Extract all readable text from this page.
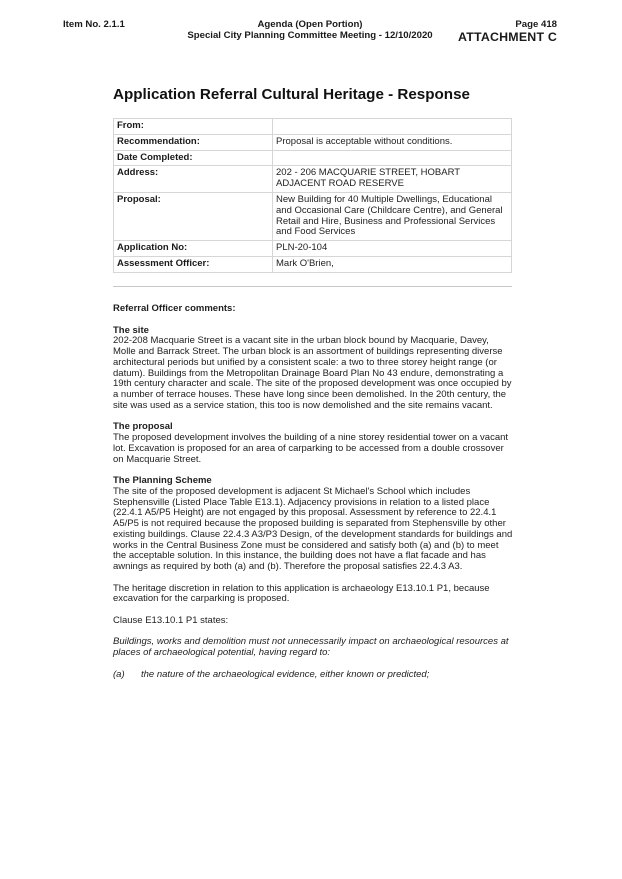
Item No. 2.1.1	Agenda (Open Portion)
Special City Planning Committee Meeting - 12/10/2020
Page 418
ATTACHMENT C
Application Referral Cultural Heritage - Response
From:	
Recommendation:	Proposal is acceptable without conditions.
Date Completed:	
Address:	202 - 206 MACQUARIE STREET, HOBART
ADJACENT ROAD RESERVE

Proposal:	New Building for 40 Multiple Dwellings, Educational and Occasional Care (Childcare Centre), and General Retail and Hire, Business and Professional Services and Food Services
Application No:	PLN-20-104
Assessment Officer:	Mark O'Brien,

Referral Officer comments:

The site

202-208 Macquarie Street is a vacant site in the urban block bound by Macquarie, Davey, Molle and Barrack Street. The urban block is an assortment of buildings representing diverse architectural periods but unified by a consistent scale: a two to three storey height range (or datum). Buildings from the Metropolitan Drainage Board Plan No 43 endure, demonstrating a 19th century character and scale. The site of the proposed development was once occupied by a number of terrace houses. These have long since been demolished. In the 20th century, the site was used as a service station, this too is now demolished and the site remains vacant.

The proposal

The proposed development involves the building of a nine storey residential tower on a vacant lot. Excavation is proposed for an area of carparking to be accessed from a double crossover on Macquarie Street.

The Planning Scheme

The site of the proposed development is adjacent St Michael's School which includes Stephensville (Listed Place Table E13.1). Adjacency provisions in relation to a listed place (22.4.1 A5/P5 Height) are not engaged by this proposal. Assessment by reference to 22.4.1 A5/P5 is not required because the proposed building is separated from Stephensville by other existing buildings. Clause 22.4.3 A3/P3 Design, of the development standards for buildings and works in the Central Business Zone must be considered and satisfy both (a) and (b) to meet the acceptable solution. In this instance, the building does not have a flat facade and has awnings as required by both (a) and (b). Therefore the proposal satisfies 22.4.3 A3.

The heritage discretion in relation to this application is archaeology E13.10.1 P1, because excavation for the carparking is proposed.

Clause E13.10.1 P1 states:

Buildings, works and demolition must not unnecessarily impact on archaeological resources at places of archaeological potential, having regard to:

(a)	the nature of the archaeological evidence, either known or predicted;
